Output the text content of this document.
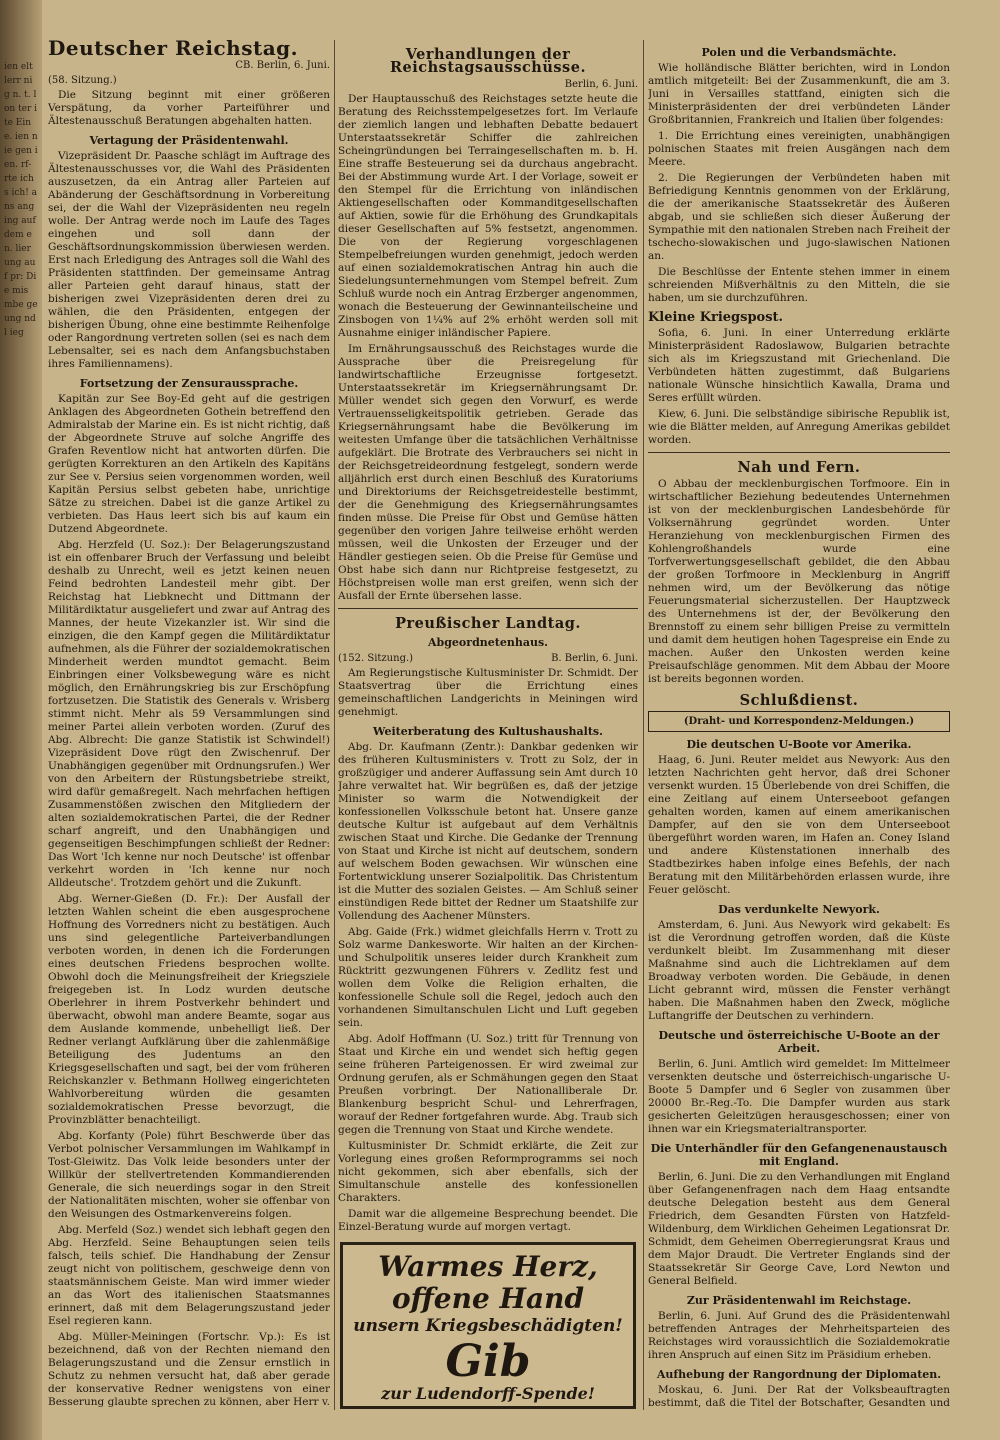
ien elt lerr nig n. t. lon ter ite Ein e. ien nie gen ien. rf- rte ichs ich! ans ang ing auf dem en. lier ung auf pr: Die mis mbe ge ung nd l ieg
Deutscher Reichstag.
CB. Berlin, 6. Juni.
(58. Sitzung.)

Die Sitzung beginnt mit einer größeren Verspätung, da vorher Parteiführer und Ältestenausschuß Beratungen abgehalten hatten.

Vertagung der Präsidentenwahl.

Vizepräsident Dr. Paasche schlägt im Auftrage des Ältestenausschusses vor, die Wahl des Präsidenten auszusetzen, da ein Antrag aller Parteien auf Abänderung der Geschäftsordnung in Vorbereitung sei, der die Wahl der Vizepräsidenten neu regeln wolle. Der Antrag werde noch im Laufe des Tages eingehen und soll dann der Geschäftsordnungskommission überwiesen werden. Erst nach Erledigung des Antrages soll die Wahl des Präsidenten stattfinden. Der gemeinsame Antrag aller Parteien geht darauf hinaus, statt der bisherigen zwei Vizepräsidenten deren drei zu wählen, die den Präsidenten, entgegen der bisherigen Übung, ohne eine bestimmte Reihenfolge oder Rangordnung vertreten sollen (sei es nach dem Lebensalter, sei es nach dem Anfangsbuchstaben ihres Familiennamens).

Fortsetzung der Zensuraussprache.

Kapitän zur See Boy-Ed geht auf die gestrigen Anklagen des Abgeordneten Gothein betreffend den Admiralstab der Marine ein. Es ist nicht richtig, daß der Abgeordnete Struve auf solche Angriffe des Grafen Reventlow nicht hat antworten dürfen. Die gerügten Korrekturen an den Artikeln des Kapitäns zur See v. Persius seien vorgenommen worden, weil Kapitän Persius selbst gebeten habe, unrichtige Sätze zu streichen. Dabei ist die ganze Artikel zu verbieten. Das Haus leert sich bis auf kaum ein Dutzend Abgeordnete.

Abg. Herzfeld (U. Soz.): Der Belagerungszustand ist ein offenbarer Bruch der Verfassung und beleibt deshalb zu Unrecht, weil es jetzt keinen neuen Feind bedrohten Landesteil mehr gibt. Der Reichstag hat Liebknecht und Dittmann der Militärdiktatur ausgeliefert und zwar auf Antrag des Mannes, der heute Vizekanzler ist. Wir sind die einzigen, die den Kampf gegen die Militärdiktatur aufnehmen, als die Führer der sozialdemokratischen Minderheit werden mundtot gemacht. Beim Einbringen einer Volksbewegung wäre es nicht möglich, den Ernährungskrieg bis zur Erschöpfung fortzusetzen. Die Statistik des Generals v. Wrisberg stimmt nicht. Mehr als 59 Versammlungen sind meiner Partei allein verboten worden. (Zuruf des Abg. Albrecht: Die ganze Statistik ist Schwindel!) Vizepräsident Dove rügt den Zwischenruf. Der Unabhängigen gegenüber mit Ordnungsrufen.) Wer von den Arbeitern der Rüstungsbetriebe streikt, wird dafür gemaßregelt. Nach mehrfachen heftigen Zusammenstößen zwischen den Mitgliedern der alten sozialdemokratischen Partei, die der Redner scharf angreift, und den Unabhängigen und gegenseitigen Beschimpfungen schließt der Redner: Das Wort 'Ich kenne nur noch Deutsche' ist offenbar verkehrt worden in 'Ich kenne nur noch Alldeutsche'. Trotzdem gehört und die Zukunft.

Abg. Werner-Gießen (D. Fr.): Der Ausfall der letzten Wahlen scheint die eben ausgesprochene Hoffnung des Vorredners nicht zu bestätigen. Auch uns sind gelegentliche Parteiverbandlungen verboten worden, in denen ich die Forderungen eines deutschen Friedens besprochen wollte. Obwohl doch die Meinungsfreiheit der Kriegsziele freigegeben ist. In Lodz wurden deutsche Oberlehrer in ihrem Postverkehr behindert und überwacht, obwohl man andere Beamte, sogar aus dem Auslande kommende, unbehelligt ließ. Der Redner verlangt Aufklärung über die zahlenmäßige Beteiligung des Judentums an den Kriegsgesellschaften und sagt, bei der vom früheren Reichskanzler v. Bethmann Hollweg eingerichteten Wahlvorbereitung würden die gesamten sozialdemokratischen Presse bevorzugt, die Provinzblätter benachteiligt.

Abg. Korfanty (Pole) führt Beschwerde über das Verbot polnischer Versammlungen im Wahlkampf in Tost-Gleiwitz. Das Volk leide besonders unter der Willkür der stellvertretenden Kommandierenden Generale, die sich neuerdings sogar in den Streit der Nationalitäten mischten, woher sie offenbar von den Weisungen des Ostmarkenvereins folgen.

Abg. Merfeld (Soz.) wendet sich lebhaft gegen den Abg. Herzfeld. Seine Behauptungen seien teils falsch, teils schief. Die Handhabung der Zensur zeugt nicht von politischem, geschweige denn von staatsmännischem Geiste. Man wird immer wieder an das Wort des italienischen Staatsmannes erinnert, daß mit dem Belagerungszustand jeder Esel regieren kann.

Abg. Müller-Meiningen (Fortschr. Vp.): Es ist bezeichnend, daß von der Rechten niemand den Belagerungszustand und die Zensur ernstlich in Schutz zu nehmen versucht hat, daß aber gerade der konservative Redner wenigstens von einer Besserung glaubte sprechen zu können, aber Herr v.

Verhandlungen der Reichstagsausschüsse.
Berlin, 6. Juni.

Der Hauptausschuß des Reichstages setzte heute die Beratung des Reichsstempelgesetzes fort. Im Verlaufe der ziemlich langen und lebhaften Debatte bedauert Unterstaatssekretär Schiffer die zahlreichen Scheingründungen bei Terraingesellschaften m. b. H. Eine straffe Besteuerung sei da durchaus angebracht. Bei der Abstimmung wurde Art. I der Vorlage, soweit er den Stempel für die Errichtung von inländischen Aktiengesellschaften oder Kommanditgesellschaften auf Aktien, sowie für die Erhöhung des Grundkapitals dieser Gesellschaften auf 5% festsetzt, angenommen. Die von der Regierung vorgeschlagenen Stempelbefreiungen wurden genehmigt, jedoch werden auf einen sozialdemokratischen Antrag hin auch die Siedelungsunternehmungen vom Stempel befreit. Zum Schluß wurde noch ein Antrag Erzberger angenommen, wonach die Besteuerung der Gewinnanteilscheine und Zinsbogen von 1¼% auf 2% erhöht werden soll mit Ausnahme einiger inländischer Papiere.

Im Ernährungsausschuß des Reichstages wurde die Aussprache über die Preisregelung für landwirtschaftliche Erzeugnisse fortgesetzt. Unterstaatssekretär im Kriegsernährungsamt Dr. Müller wendet sich gegen den Vorwurf, es werde Vertrauensseligkeitspolitik getrieben. Gerade das Kriegsernährungsamt habe die Bevölkerung im weitesten Umfange über die tatsächlichen Verhältnisse aufgeklärt. Die Brotrate des Verbrauchers sei nicht in der Reichsgetreideordnung festgelegt, sondern werde alljährlich erst durch einen Beschluß des Kuratoriums und Direktoriums der Reichsgetreidestelle bestimmt, der die Genehmigung des Kriegsernährungsamtes finden müsse. Die Preise für Obst und Gemüse hätten gegenüber den vorigen Jahre teilweise erhöht werden müssen, weil die Unkosten der Erzeuger und der Händler gestiegen seien. Ob die Preise für Gemüse und Obst habe sich dann nur Richtpreise festgesetzt, zu Höchstpreisen wolle man erst greifen, wenn sich der Ausfall der Ernte übersehen lasse.

Preußischer Landtag.
Abgeordnetenhaus.
(152. Sitzung.)	B. Berlin, 6. Juni.

Am Regierungstische Kultusminister Dr. Schmidt. Der Staatsvertrag über die Errichtung eines gemeinschaftlichen Landgerichts in Meiningen wird genehmigt.

Weiterberatung des Kultushaushalts.

Abg. Dr. Kaufmann (Zentr.): Dankbar gedenken wir des früheren Kultusministers v. Trott zu Solz, der in großzügiger und anderer Auffassung sein Amt durch 10 Jahre verwaltet hat. Wir begrüßen es, daß der jetzige Minister so warm die Notwendigkeit der konfessionellen Volksschule betont hat. Unsere ganze deutsche Kultur ist aufgebaut auf dem Verhältnis zwischen Staat und Kirche. Die Gedanke der Trennung von Staat und Kirche ist nicht auf deutschem, sondern auf welschem Boden gewachsen. Wir wünschen eine Fortentwicklung unserer Sozialpolitik. Das Christentum ist die Mutter des sozialen Geistes. — Am Schluß seiner einstündigen Rede bittet der Redner um Staatshilfe zur Vollendung des Aachener Münsters.

Abg. Gaide (Frk.) widmet gleichfalls Herrn v. Trott zu Solz warme Dankesworte. Wir halten an der Kirchen- und Schulpolitik unseres leider durch Krankheit zum Rücktritt gezwungenen Führers v. Zedlitz fest und wollen dem Volke die Religion erhalten, die konfessionelle Schule soll die Regel, jedoch auch den vorhandenen Simultanschulen Licht und Luft gegeben sein.

Abg. Adolf Hoffmann (U. Soz.) tritt für Trennung von Staat und Kirche ein und wendet sich heftig gegen seine früheren Parteigenossen. Er wird zweimal zur Ordnung gerufen, als er Schmähungen gegen den Staat Preußen vorbringt. Der Nationalliberale Dr. Blankenburg bespricht Schul- und Lehrerfragen, worauf der Redner fortgefahren wurde. Abg. Traub sich gegen die Trennung von Staat und Kirche wendete.

Kultusminister Dr. Schmidt erklärte, die Zeit zur Vorlegung eines großen Reformprogramms sei noch nicht gekommen, sich aber ebenfalls, sich der Simultanschule anstelle des konfessionellen Charakters.

Damit war die allgemeine Besprechung beendet. Die Einzel-Beratung wurde auf morgen vertagt.

Warmes Herz,
offene Hand
unsern Kriegsbeschädigten!
Gib
zur Ludendorff-Spende!

Polen und die Verbandsmächte.

Wie holländische Blätter berichten, wird in London amtlich mitgeteilt: Bei der Zusammenkunft, die am 3. Juni in Versailles stattfand, einigten sich die Ministerpräsidenten der drei verbündeten Länder Großbritannien, Frankreich und Italien über folgendes:

1. Die Errichtung eines vereinigten, unabhängigen polnischen Staates mit freien Ausgängen nach dem Meere.

2. Die Regierungen der Verbündeten haben mit Befriedigung Kenntnis genommen von der Erklärung, die der amerikanische Staatssekretär des Äußeren abgab, und sie schließen sich dieser Äußerung der Sympathie mit den nationalen Streben nach Freiheit der tschecho-slowakischen und jugo-slawischen Nationen an.

Die Beschlüsse der Entente stehen immer in einem schreienden Mißverhältnis zu den Mitteln, die sie haben, um sie durchzuführen.

Kleine Kriegspost.

Sofia, 6. Juni. In einer Unterredung erklärte Ministerpräsident Radoslawow, Bulgarien betrachte sich als im Kriegszustand mit Griechenland. Die Verbündeten hätten zugestimmt, daß Bulgariens nationale Wünsche hinsichtlich Kawalla, Drama und Seres erfüllt würden.

Kiew, 6. Juni. Die selbständige sibirische Republik ist, wie die Blätter melden, auf Anregung Amerikas gebildet worden.

Nah und Fern.

O Abbau der mecklenburgischen Torfmoore. Ein in wirtschaftlicher Beziehung bedeutendes Unternehmen ist von der mecklenburgischen Landesbehörde für Volksernährung gegründet worden. Unter Heranziehung von mecklenburgischen Firmen des Kohlengroßhandels wurde eine Torfverwertungsgesellschaft gebildet, die den Abbau der großen Torfmoore in Mecklenburg in Angriff nehmen wird, um der Bevölkerung das nötige Feuerungsmaterial sicherzustellen. Der Hauptzweck des Unternehmens ist der, der Bevölkerung den Brennstoff zu einem sehr billigen Preise zu vermitteln und damit dem heutigen hohen Tagespreise ein Ende zu machen. Außer den Unkosten werden keine Preisaufschläge genommen. Mit dem Abbau der Moore ist bereits begonnen worden.

Schlußdienst.
(Draht- und Korrespondenz-Meldungen.)
Die deutschen U-Boote vor Amerika.

Haag, 6. Juni. Reuter meldet aus Newyork: Aus den letzten Nachrichten geht hervor, daß drei Schoner versenkt wurden. 15 Überlebende von drei Schiffen, die eine Zeitlang auf einem Unterseeboot gefangen gehalten worden, kamen auf einem amerikanischen Dampfer, auf den sie von dem Unterseeboot übergeführt worden waren, im Hafen an. Coney Island und andere Küstenstationen innerhalb des Stadtbezirkes haben infolge eines Befehls, der nach Beratung mit den Militärbehörden erlassen wurde, ihre Feuer gelöscht.

Das verdunkelte Newyork.

Amsterdam, 6. Juni. Aus Newyork wird gekabelt: Es ist die Verordnung getroffen worden, daß die Küste verdunkelt bleibt. Im Zusammenhang mit dieser Maßnahme sind auch die Lichtreklamen auf dem Broadway verboten worden. Die Gebäude, in denen Licht gebrannt wird, müssen die Fenster verhängt haben. Die Maßnahmen haben den Zweck, mögliche Luftangriffe der Deutschen zu verhindern.

Deutsche und österreichische U-Boote an der Arbeit.

Berlin, 6. Juni. Amtlich wird gemeldet: Im Mittelmeer versenkten deutsche und österreichisch-ungarische U-Boote 5 Dampfer und 6 Segler von zusammen über 20000 Br.-Reg.-To. Die Dampfer wurden aus stark gesicherten Geleitzügen herausgeschossen; einer von ihnen war ein Kriegsmaterialtransporter.

Die Unterhändler für den Gefangenenaustausch mit England.

Berlin, 6. Juni. Die zu den Verhandlungen mit England über Gefangenenfragen nach dem Haag entsandte deutsche Delegation besteht aus dem General Friedrich, dem Gesandten Fürsten von Hatzfeld-Wildenburg, dem Wirklichen Geheimen Legationsrat Dr. Schmidt, dem Geheimen Oberregierungsrat Kraus und dem Major Draudt. Die Vertreter Englands sind der Staatssekretär Sir George Cave, Lord Newton und General Belfield.

Zur Präsidentenwahl im Reichstage.

Berlin, 6. Juni. Auf Grund des die Präsidentenwahl betreffenden Antrages der Mehrheitsparteien des Reichstages wird voraussichtlich die Sozialdemokratie ihren Anspruch auf einen Sitz im Präsidium erheben.

Aufhebung der Rangordnung der Diplomaten.

Moskau, 6. Juni. Der Rat der Volksbeauftragten bestimmt, daß die Titel der Botschafter, Gesandten und
